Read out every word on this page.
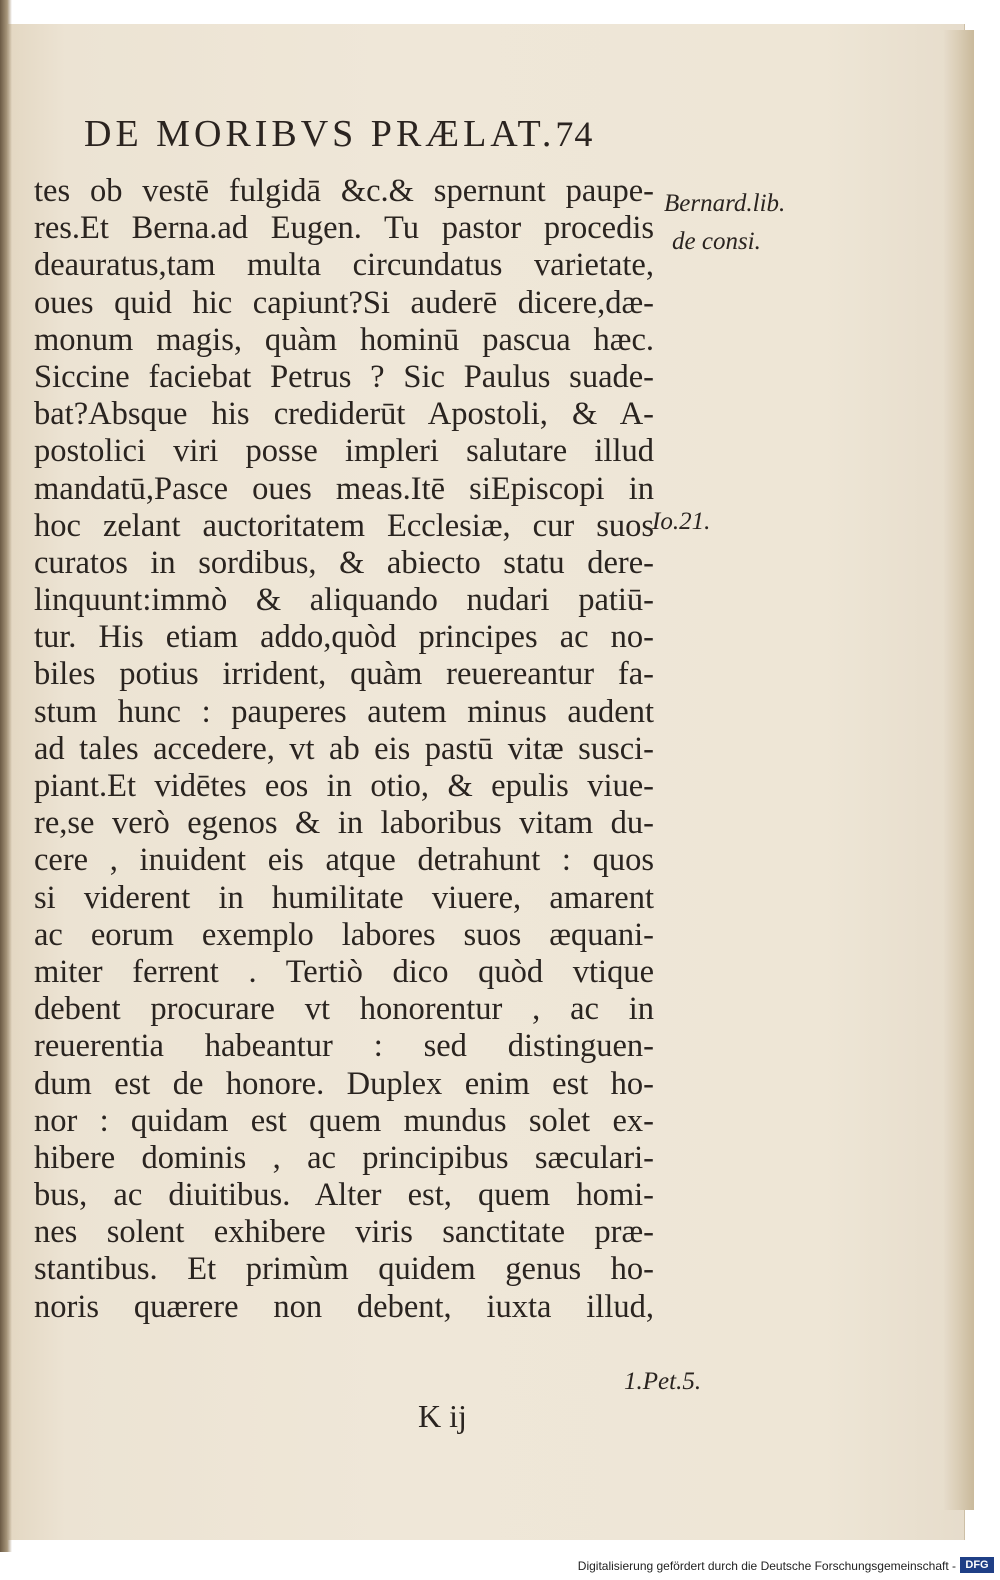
DE MORIBVS PRÆLAT.74
tes ob vestē fulgidā &c.& spernunt paupe-
res.Et Berna.ad Eugen. Tu pastor procedis
deauratus,tam multa circundatus varietate,
oues quid hic capiunt?Si auderē dicere,dæ-
monum magis, quàm hominū pascua hæc.
Siccine faciebat Petrus ? Sic Paulus suade-
bat?Absque his crediderūt Apostoli, & A-
postolici viri posse impleri salutare illud
mandatū,Pasce oues meas.Itē siEpiscopi in
hoc zelant auctoritatem Ecclesiæ, cur suos
curatos in sordibus, & abiecto statu dere-
linquunt:immò & aliquando nudari patiū-
tur. His etiam addo,quòd principes ac no-
biles potius irrident, quàm reuereantur fa-
stum hunc : pauperes autem minus audent
ad tales accedere, vt ab eis pastū vitæ susci-
piant.Et vidētes eos in otio, & epulis viue-
re,se verò egenos & in laboribus vitam du-
cere , inuident eis atque detrahunt : quos
si viderent in humilitate viuere, amarent
ac eorum exemplo labores suos æquani-
miter ferrent . Tertiò dico quòd vtique
debent procurare vt honorentur , ac in
reuerentia habeantur : sed distinguen-
dum est de honore. Duplex enim est ho-
nor : quidam est quem mundus solet ex-
hibere dominis , ac principibus sæculari-
bus, ac diuitibus. Alter est, quem homi-
nes solent exhibere viris sanctitate præ-
stantibus. Et primùm quidem genus ho-
noris quærere non debent, iuxta illud,
Bernard.lib.
de consi.
Io.21.
1.Pet.5.
K ij
Digitalisierung gefördert durch die Deutsche Forschungsgemeinschaft - DFG
